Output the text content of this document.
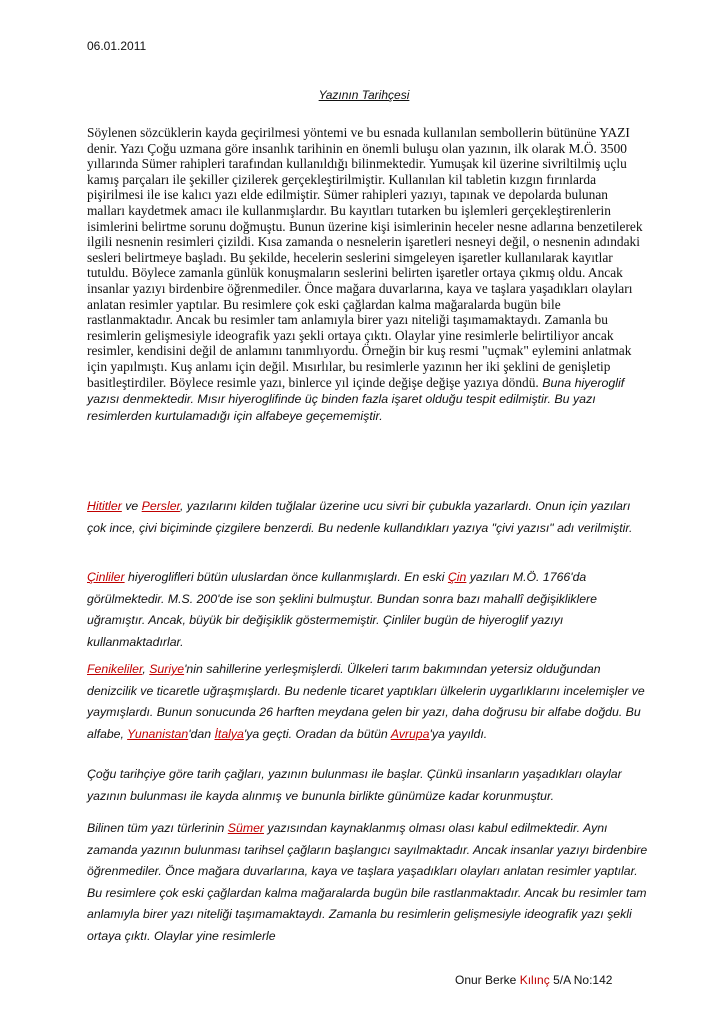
06.01.2011
Yazının Tarihçesi

Söylenen sözcüklerin kayda geçirilmesi yöntemi ve bu esnada kullanılan sembollerin bütününe YAZI denir. Yazı Çoğu uzmana göre insanlık tarihinin en önemli buluşu olan yazının, ilk olarak M.Ö. 3500 yıllarında Sümer rahipleri tarafından kullanıldığı bilinmektedir. Yumuşak kil üzerine sivriltilmiş uçlu kamış parçaları ile şekiller çizilerek gerçekleştirilmiştir. Kullanılan kil tabletin kızgın fırınlarda pişirilmesi ile ise kalıcı yazı elde edilmiştir. Sümer rahipleri yazıyı, tapınak ve depolarda bulunan malları kaydetmek amacı ile kullanmışlardır. Bu kayıtları tutarken bu işlemleri gerçekleştirenlerin isimlerini belirtme sorunu doğmuştu. Bunun üzerine kişi isimlerinin heceler nesne adlarına benzetilerek ilgili nesnenin resimleri çizildi. Kısa zamanda o nesnelerin işaretleri nesneyi değil, o nesnenin adındaki sesleri belirtmeye başladı. Bu şekilde, hecelerin seslerini simgeleyen işaretler kullanılarak kayıtlar tutuldu. Böylece zamanla günlük konuşmaların seslerini belirten işaretler ortaya çıkmış oldu. Ancak insanlar yazıyı birdenbire öğrenmediler. Önce mağara duvarlarına, kaya ve taşlara yaşadıkları olayları anlatan resimler yaptılar. Bu resimlere çok eski çağlardan kalma mağaralarda bugün bile rastlanmaktadır. Ancak bu resimler tam anlamıyla birer yazı niteliği taşımamaktaydı. Zamanla bu resimlerin gelişmesiyle ideografik yazı şekli ortaya çıktı. Olaylar yine resimlerle belirtiliyor ancak resimler, kendisini değil de anlamını tanımlıyordu. Örneğin bir kuş resmi "uçmak" eylemini anlatmak için yapılmıştı. Kuş anlamı için değil. Mısırlılar, bu resimlerle yazının her iki şeklini de genişletip basitleştirdiler. Böylece resimle yazı, binlerce yıl içinde değişe değişe yazıya döndü. Buna hiyeroglif yazısı denmektedir. Mısır hiyeroglifinde üç binden fazla işaret olduğu tespit edilmiştir. Bu yazı resimlerden kurtulamadığı için alfabeye geçememiştir.

Hititler ve Persler, yazılarını kilden tuğlalar üzerine ucu sivri bir çubukla yazarlardı. Onun için yazıları çok ince, çivi biçiminde çizgilere benzerdi. Bu nedenle kullandıkları yazıya "çivi yazısı" adı verilmiştir.

Çinliler hiyeroglifleri bütün uluslardan önce kullanmışlardı. En eski Çin yazıları M.Ö. 1766'da görülmektedir. M.S. 200'de ise son şeklini bulmuştur. Bundan sonra bazı mahallî değişikliklere uğramıştır. Ancak, büyük bir değişiklik göstermemiştir. Çinliler bugün de hiyeroglif yazıyı kullanmaktadırlar.

Fenikeliler, Suriye'nin sahillerine yerleşmişlerdi. Ülkeleri tarım bakımından yetersiz olduğundan denizcilik ve ticaretle uğraşmışlardı. Bu nedenle ticaret yaptıkları ülkelerin uygarlıklarını incelemişler ve yaymışlardı. Bunun sonucunda 26 harften meydana gelen bir yazı, daha doğrusu bir alfabe doğdu. Bu alfabe, Yunanistan'dan İtalya'ya geçti. Oradan da bütün Avrupa'ya yayıldı.

Çoğu tarihçiye göre tarih çağları, yazının bulunması ile başlar. Çünkü insanların yaşadıkları olaylar yazının bulunması ile kayda alınmış ve bununla birlikte günümüze kadar korunmuştur.

Bilinen tüm yazı türlerinin Sümer yazısından kaynaklanmış olması olası kabul edilmektedir. Aynı zamanda yazının bulunması tarihsel çağların başlangıcı sayılmaktadır. Ancak insanlar yazıyı birdenbire öğrenmediler. Önce mağara duvarlarına, kaya ve taşlara yaşadıkları olayları anlatan resimler yaptılar. Bu resimlere çok eski çağlardan kalma mağaralarda bugün bile rastlanmaktadır. Ancak bu resimler tam anlamıyla birer yazı niteliği taşımamaktaydı. Zamanla bu resimlerin gelişmesiyle ideografik yazı şekli ortaya çıktı. Olaylar yine resimlerle

Onur Berke Kılınç 5/A No:142
